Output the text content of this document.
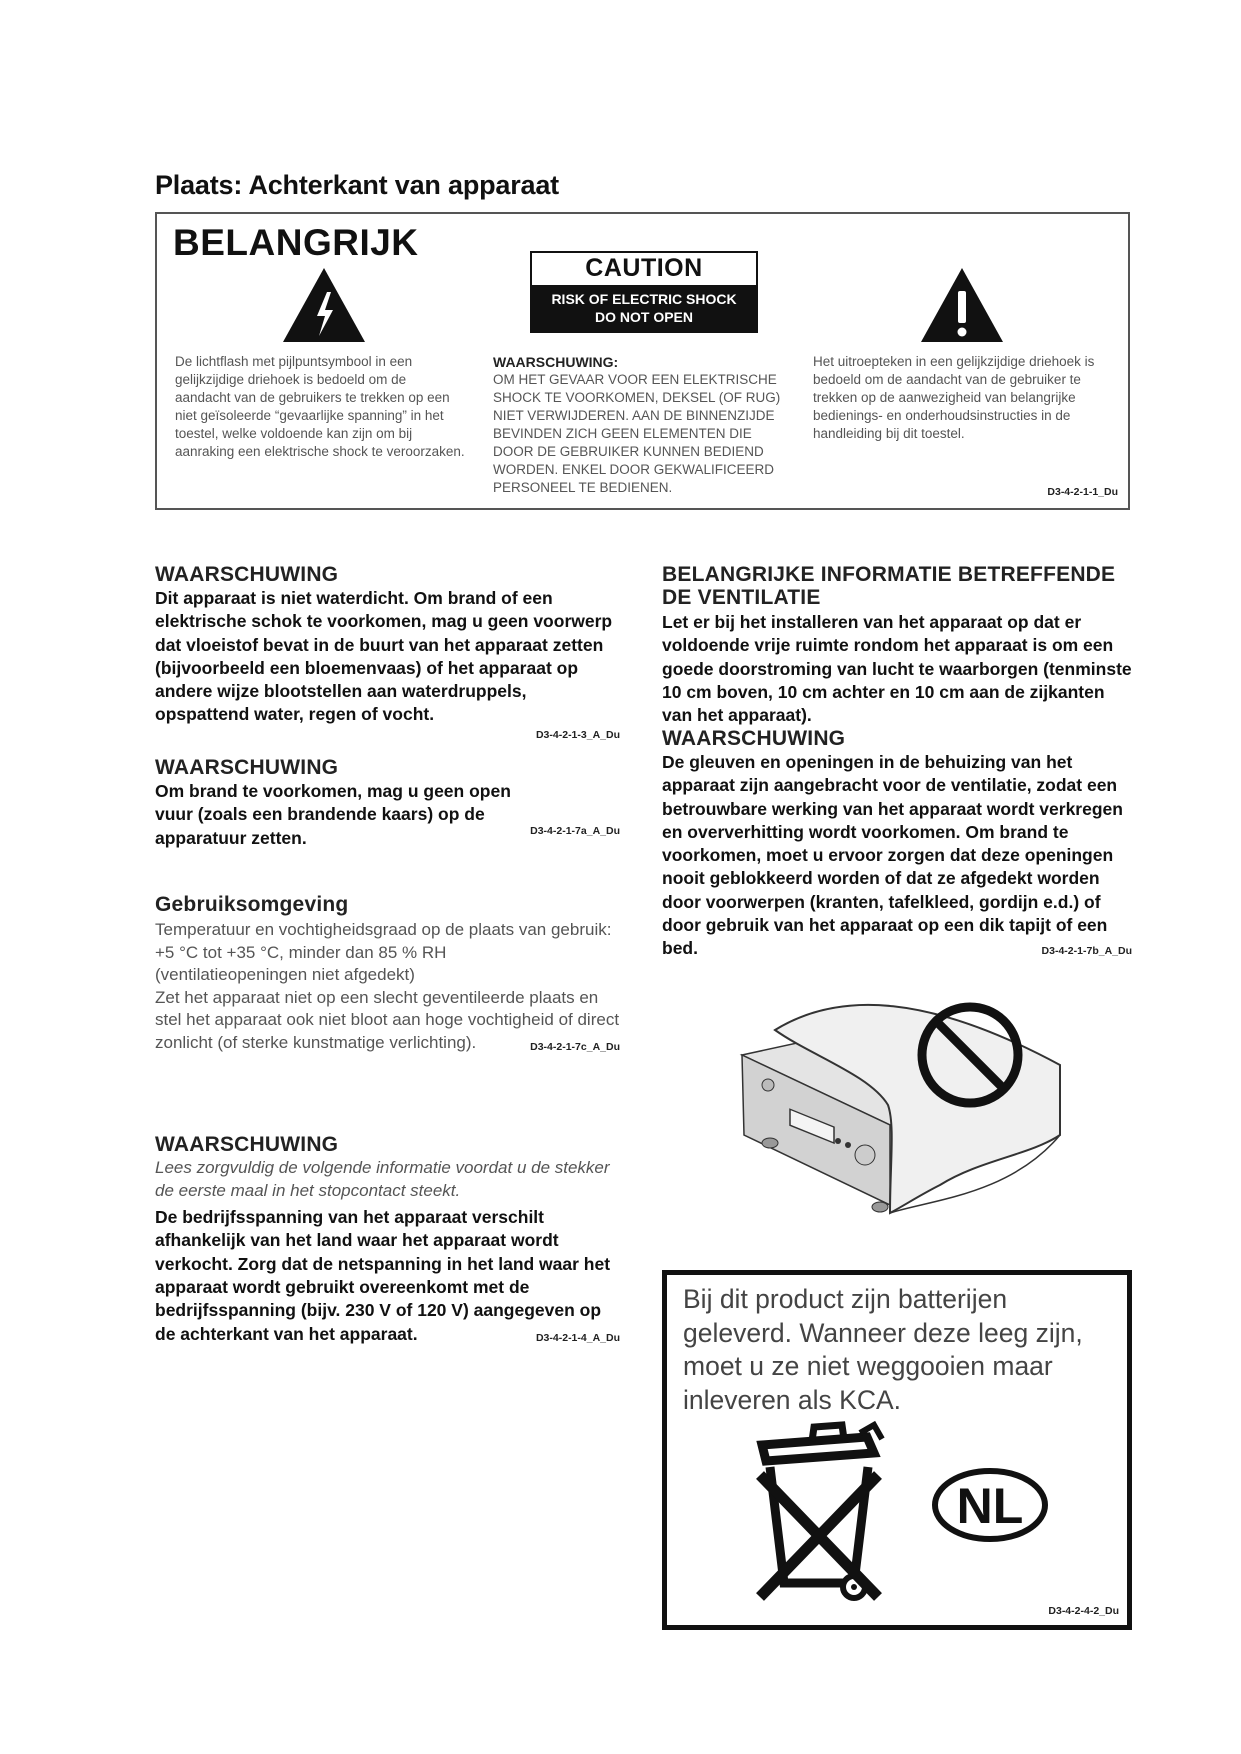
Plaats: Achterkant van apparaat
BELANGRIJK
CAUTION
RISK OF ELECTRIC SHOCK
DO NOT OPEN
De lichtflash met pijlpuntsymbool in een gelijkzijdige driehoek is bedoeld om de aandacht van de gebruikers te trekken op een niet geïsoleerde “gevaarlijke spanning” in het toestel, welke voldoende kan zijn om bij aanraking een elektrische shock te veroorzaken.
WAARSCHUWING:
OM HET GEVAAR VOOR EEN ELEKTRISCHE SHOCK TE VOORKOMEN, DEKSEL (OF RUG) NIET VERWIJDEREN. AAN DE BINNENZIJDE BEVINDEN ZICH GEEN ELEMENTEN DIE DOOR DE GEBRUIKER KUNNEN BEDIEND WORDEN. ENKEL DOOR GEKWALIFICEERD PERSONEEL TE BEDIENEN.
Het uitroepteken in een gelijkzijdige driehoek is bedoeld om de aandacht van de gebruiker te trekken op de aanwezigheid van belangrijke bedienings- en onderhoudsinstructies in de handleiding bij dit toestel.
D3-4-2-1-1_Du
WAARSCHUWING
Dit apparaat is niet waterdicht. Om brand of een elektrische schok te voorkomen, mag u geen voorwerp dat vloeistof bevat in de buurt van het apparaat zetten (bijvoorbeeld een bloemenvaas) of het apparaat op andere wijze blootstellen aan waterdruppels, opspattend water, regen of vocht.
D3-4-2-1-3_A_Du
WAARSCHUWING
D3-4-2-1-7a_A_Du
Om brand te voorkomen, mag u geen open vuur (zoals een brandende kaars) op de apparatuur zetten.
Gebruiksomgeving
Temperatuur en vochtigheidsgraad op de plaats van gebruik:
+5 °C tot +35 °C, minder dan 85 % RH
(ventilatieopeningen niet afgedekt)
Zet het apparaat niet op een slecht geventileerde plaats en stel het apparaat ook niet bloot aan hoge vochtigheid of direct zonlicht (of sterke kunstmatige verlichting).	D3-4-2-1-7c_A_Du
WAARSCHUWING
Lees zorgvuldig de volgende informatie voordat u de stekker de eerste maal in het stopcontact steekt.
De bedrijfsspanning van het apparaat verschilt afhankelijk van het land waar het apparaat wordt verkocht. Zorg dat de netspanning in het land waar het apparaat wordt gebruikt overeenkomt met de bedrijfsspanning (bijv. 230 V of 120 V) aangegeven op de achterkant van het apparaat.	D3-4-2-1-4_A_Du
BELANGRIJKE INFORMATIE BETREFFENDE DE VENTILATIE
Let er bij het installeren van het apparaat op dat er voldoende vrije ruimte rondom het apparaat is om een goede doorstroming van lucht te waarborgen (tenminste 10 cm boven, 10 cm achter en 10 cm aan de zijkanten van het apparaat).
WAARSCHUWING
De gleuven en openingen in de behuizing van het apparaat zijn aangebracht voor de ventilatie, zodat een betrouwbare werking van het apparaat wordt verkregen en oververhitting wordt voorkomen. Om brand te voorkomen, moet u ervoor zorgen dat deze openingen nooit geblokkeerd worden of dat ze afgedekt worden door voorwerpen (kranten, tafelkleed, gordijn e.d.) of door gebruik van het apparaat op een dik tapijt of een bed.	D3-4-2-1-7b_A_Du
Bij dit product zijn batterijen geleverd. Wanneer deze leeg zijn, moet u ze niet weggooien maar inleveren als KCA.
NL
D3-4-2-4-2_Du
